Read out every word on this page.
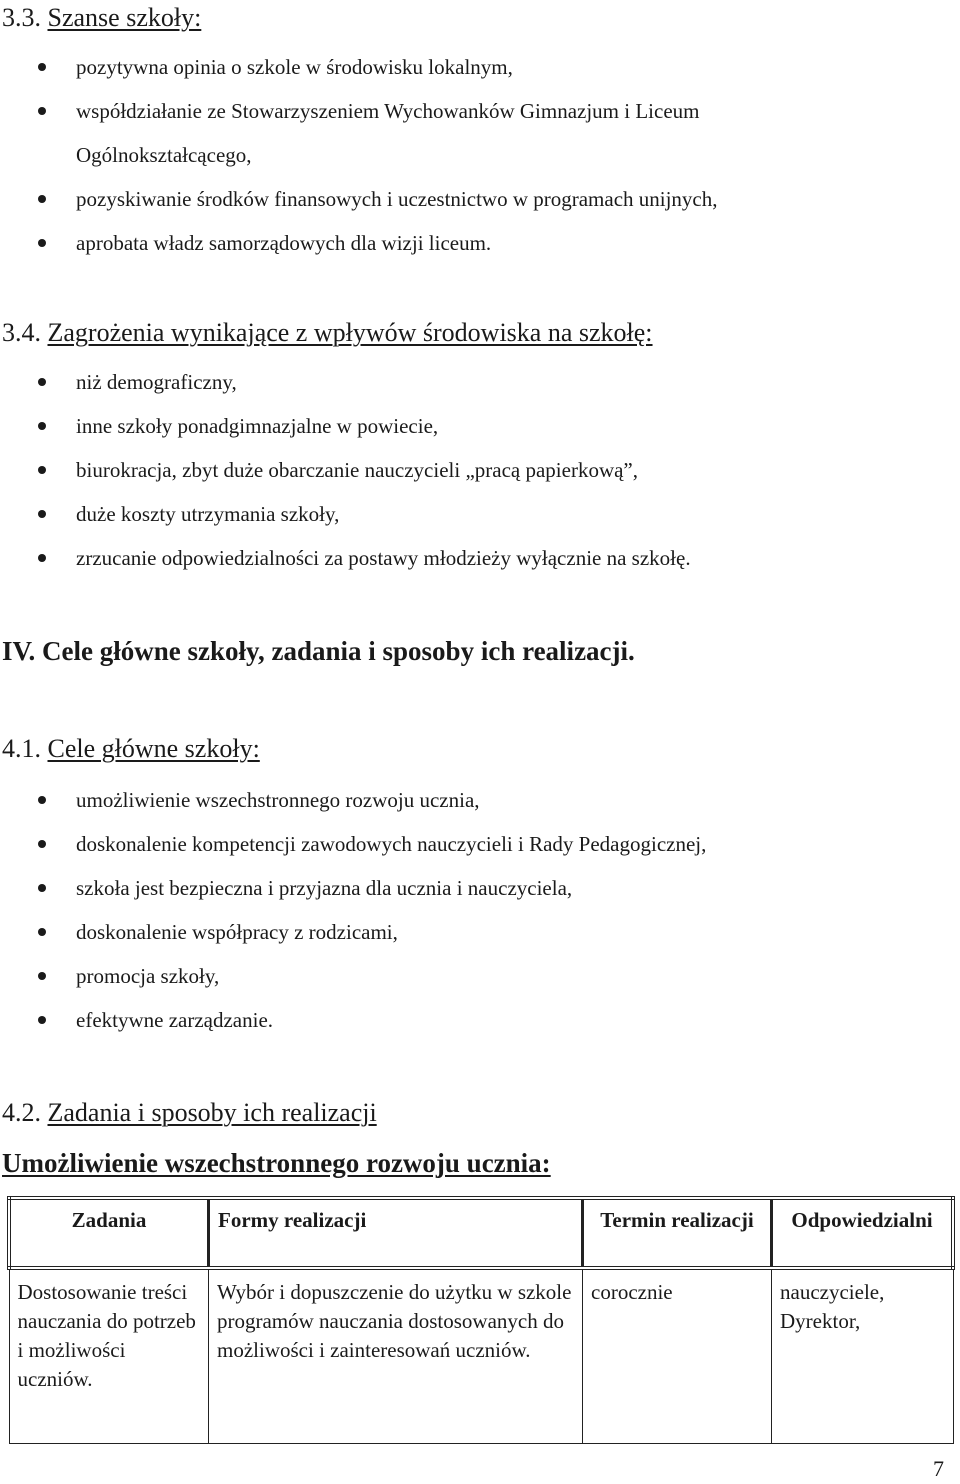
3.3. Szanse szkoły:
pozytywna opinia o szkole w środowisku lokalnym,
współdziałanie ze Stowarzyszeniem Wychowanków Gimnazjum i Liceum
Ogólnokształcącego,
pozyskiwanie środków finansowych i uczestnictwo w programach unijnych,
aprobata władz samorządowych dla wizji liceum.
3.4. Zagrożenia wynikające z wpływów środowiska na szkołę:
niż demograficzny,
inne szkoły ponadgimnazjalne w powiecie,
biurokracja, zbyt duże obarczanie nauczycieli „pracą papierkową”,
duże koszty utrzymania szkoły,
zrzucanie odpowiedzialności za postawy młodzieży wyłącznie na szkołę.
IV. Cele główne szkoły, zadania i sposoby ich realizacji.
4.1. Cele główne szkoły:
umożliwienie wszechstronnego rozwoju ucznia,
doskonalenie kompetencji zawodowych nauczycieli i Rady Pedagogicznej,
szkoła jest bezpieczna i przyjazna dla ucznia i nauczyciela,
doskonalenie współpracy z rodzicami,
promocja szkoły,
efektywne zarządzanie.
4.2. Zadania i sposoby ich realizacji
Umożliwienie wszechstronnego rozwoju ucznia:
Zadania	Formy realizacji	Termin realizacji	Odpowiedzialni
Dostosowanie treści nauczania do potrzeb i możliwości uczniów.	Wybór i dopuszczenie do użytku w szkole programów nauczania dostosowanych do możliwości i zainteresowań uczniów.	corocznie	nauczyciele, Dyrektor,
7
